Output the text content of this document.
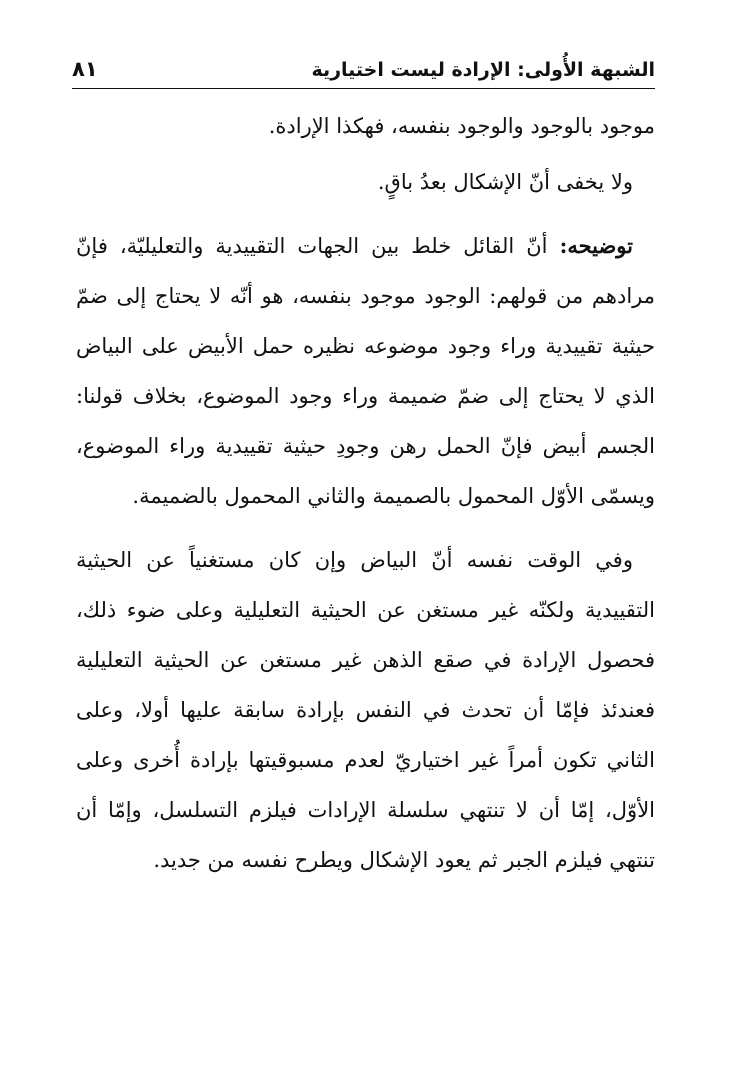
الشبهة الأُولى: الإرادة ليست اختيارية
٨١

موجود بالوجود والوجود بنفسه، فهكذا الإرادة.

ولا يخفى أنّ الإشكال بعدُ باقٍ.

توضيحه: أنّ القائل خلط بين الجهات التقييدية والتعليليّة، فإنّ مرادهم من قولهم: الوجود موجود بنفسه، هو أنّه لا يحتاج إلى ضمّ حيثية تقييدية وراء وجود موضوعه نظيره حمل الأبيض على البياض الذي لا يحتاج إلى ضمّ ضميمة وراء وجود الموضوع، بخلاف قولنا: الجسم أبيض فإنّ الحمل رهن وجودِ حيثية تقييدية وراء الموضوع، ويسمّى الأوّل المحمول بالصميمة والثاني المحمول بالضميمة.

وفي الوقت نفسه أنّ البياض وإن كان مستغنياً عن الحيثية التقييدية ولكنّه غير مستغن عن الحيثية التعليلية وعلى ضوء ذلك، فحصول الإرادة في صقع الذهن غير مستغن عن الحيثية التعليلية فعندئذ فإمّا أن تحدث في النفس بإرادة سابقة عليها أولا، وعلى الثاني تكون أمراً غير اختياريّ لعدم مسبوقيتها بإرادة أُخرى وعلى الأوّل، إمّا أن لا تنتهي سلسلة الإرادات فيلزم التسلسل، وإمّا أن تنتهي فيلزم الجبر ثم يعود الإشكال ويطرح نفسه من جديد.
